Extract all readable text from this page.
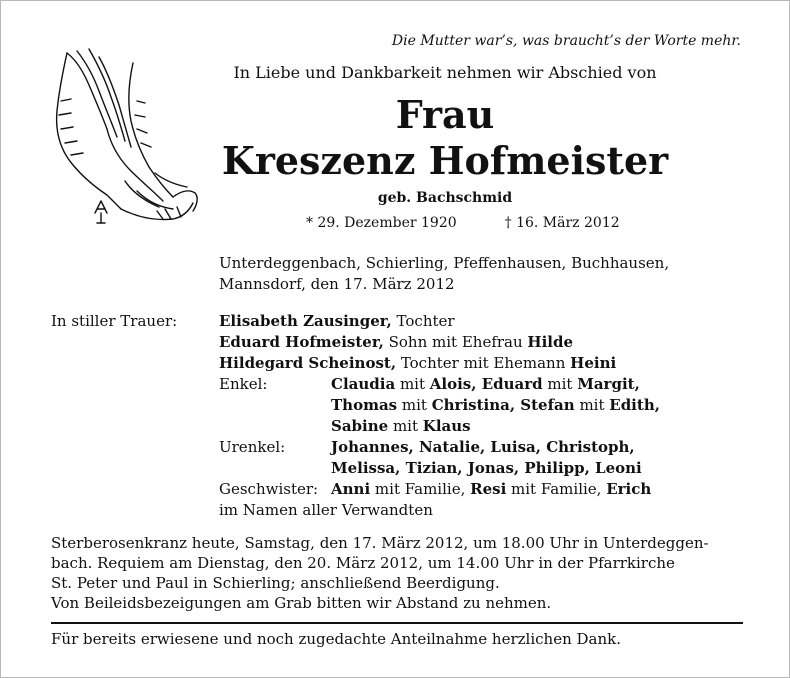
Die Mutter war’s, was braucht’s der Worte mehr.
In Liebe und Dankbarkeit nehmen wir Abschied von
Frau
Kreszenz Hofmeister
geb. Bachschmid
* 29. Dezember 1920	† 16. März 2012
Unterdeggenbach, Schierling, Pfeffenhausen, Buchhausen,
Mannsdorf, den 17. März 2012
In stiller Trauer:	Elisabeth Zausinger, Tochter
Eduard Hofmeister, Sohn mit Ehefrau Hilde
Hildegard Scheinost, Tochter mit Ehemann Heini
Enkel:	Claudia mit Alois, Eduard mit Margit,
Thomas mit Christina, Stefan mit Edith,
Sabine mit Klaus
Urenkel:	Johannes, Natalie, Luisa, Christoph,
Melissa, Tizian, Jonas, Philipp, Leoni
Geschwister: Anni mit Familie, Resi mit Familie, Erich
im Namen aller Verwandten
Sterberosenkranz heute, Samstag, den 17. März 2012, um 18.00 Uhr in Unterdeggen-
bach. Requiem am Dienstag, den 20. März 2012, um 14.00 Uhr in der Pfarrkirche
St. Peter und Paul in Schierling; anschließend Beerdigung.
Von Beileidsbezeigungen am Grab bitten wir Abstand zu nehmen.
Für bereits erwiesene und noch zugedachte Anteilnahme herzlichen Dank.
